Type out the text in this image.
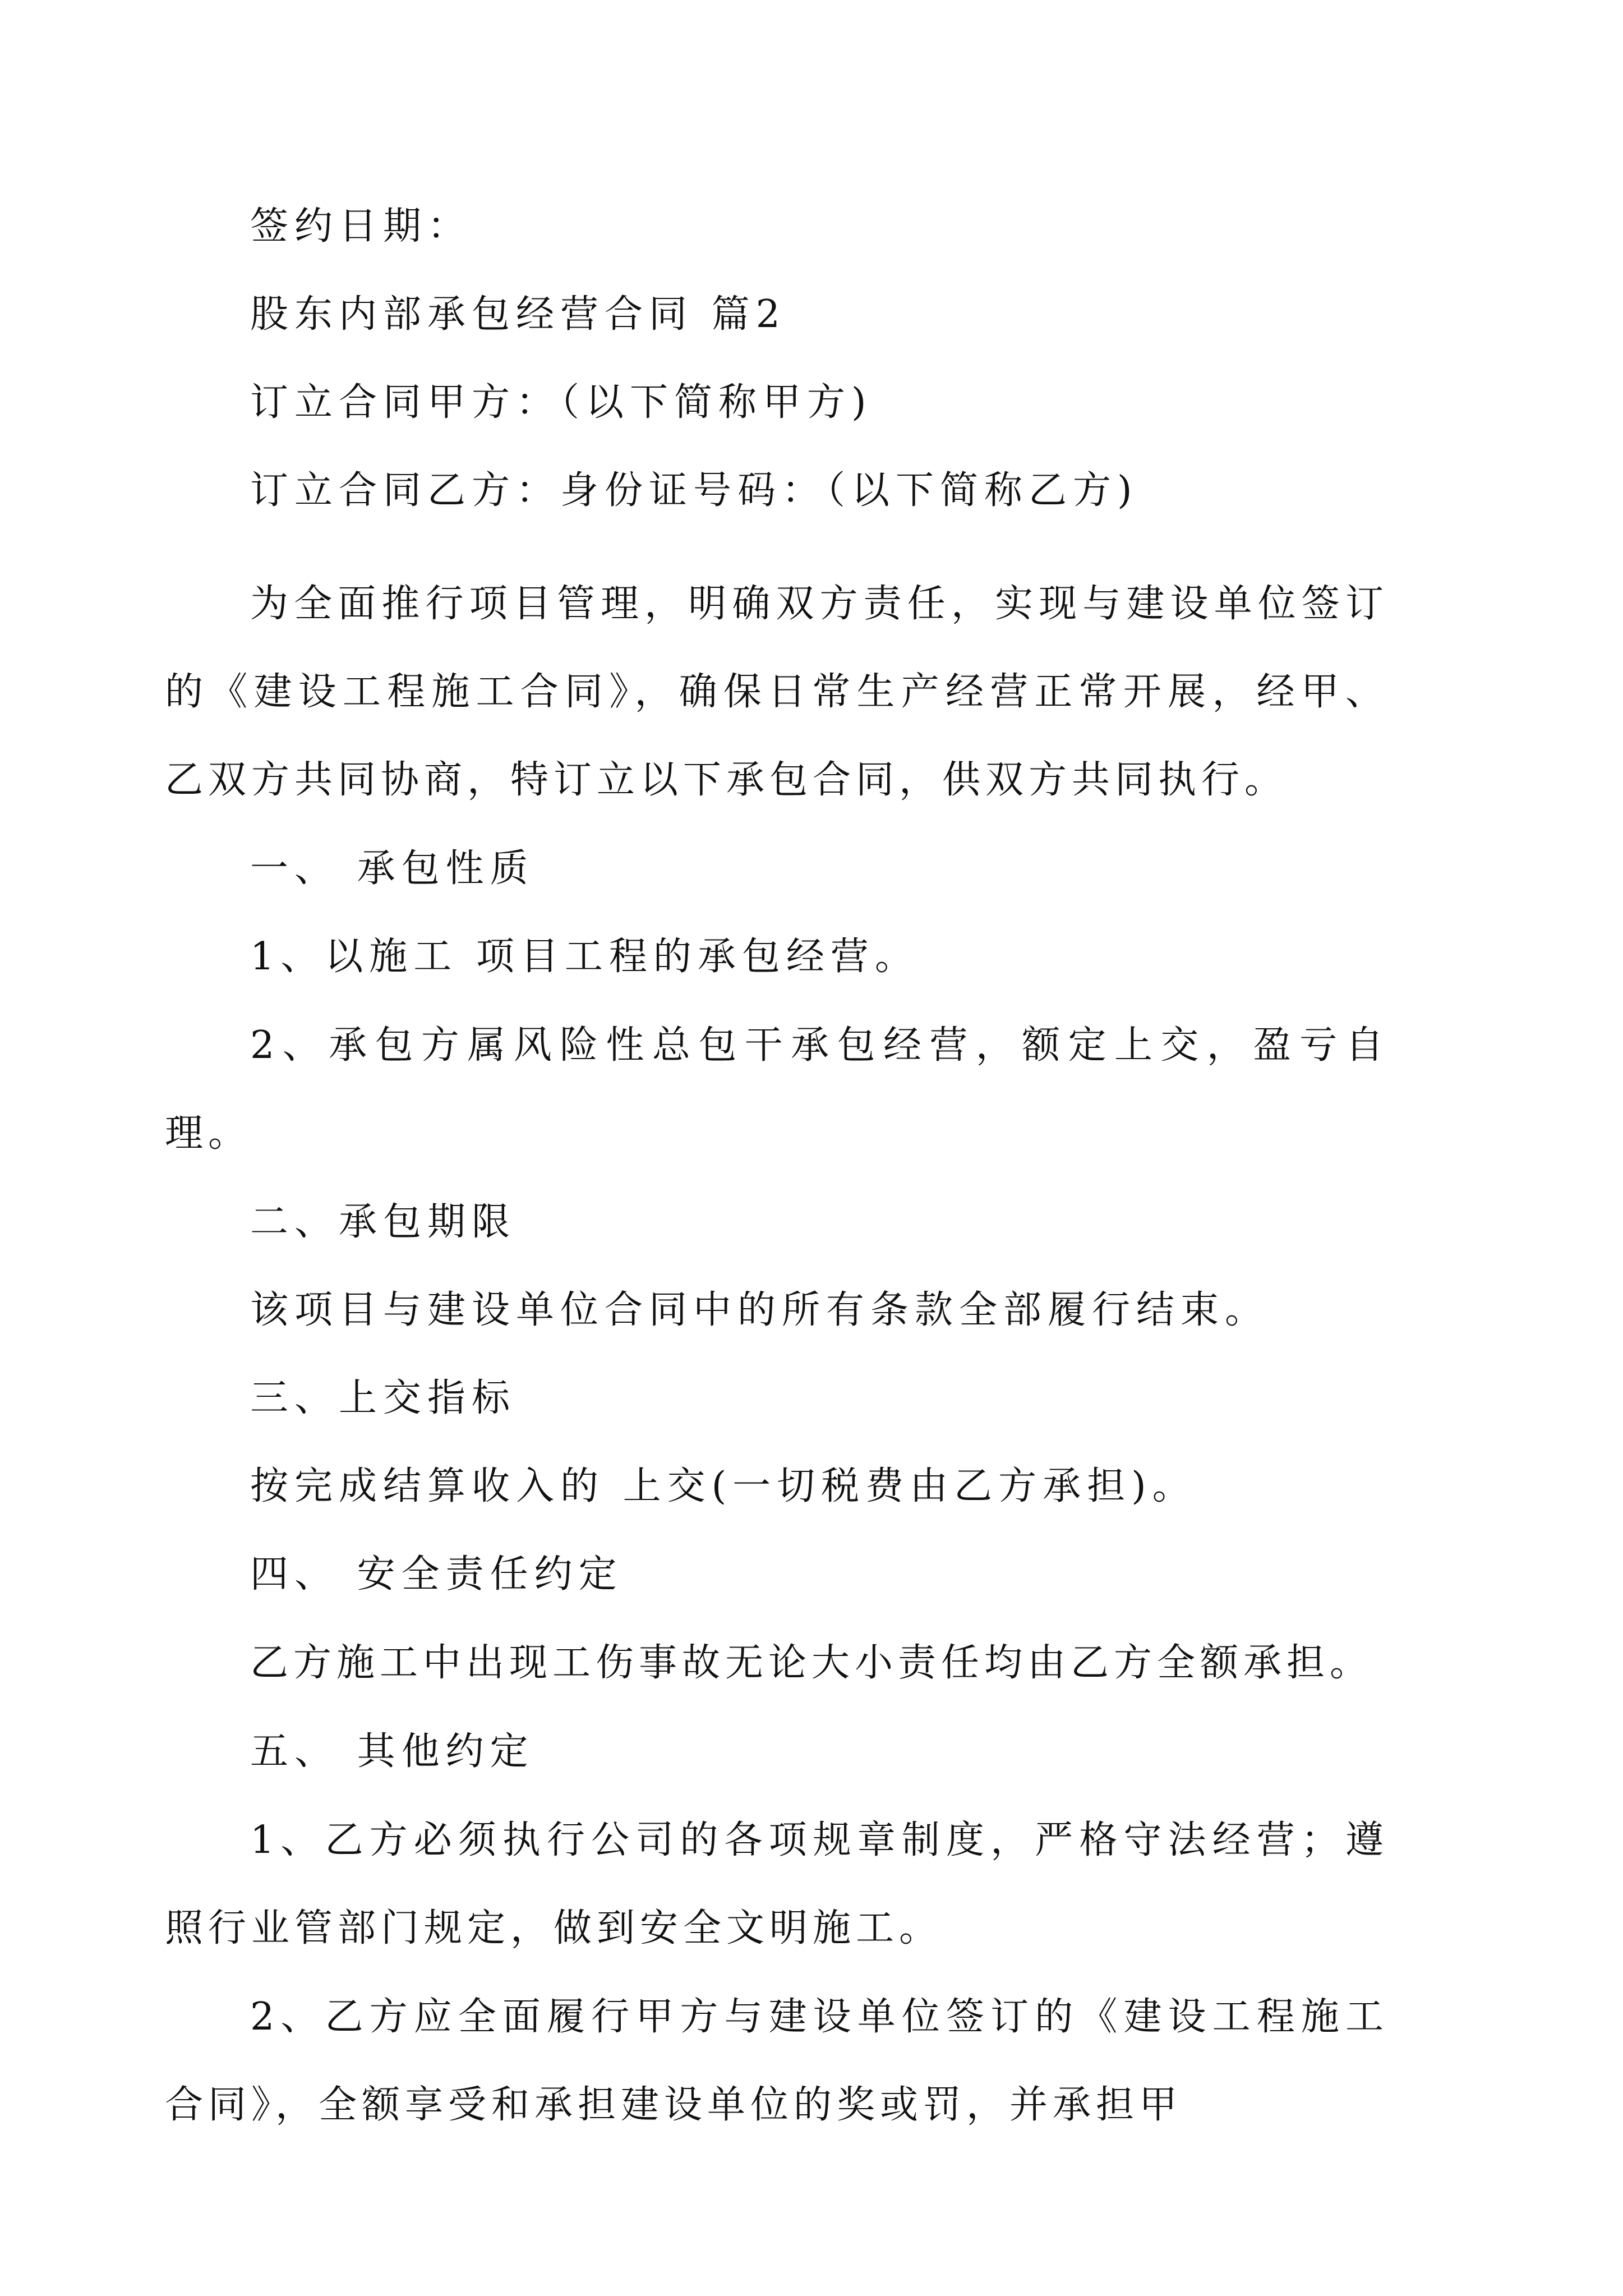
签约日期：
股东内部承包经营合同 篇2
订立合同甲方：（以下简称甲方)
订立合同乙方：身份证号码：（以下简称乙方)

为全面推行项目管理，明确双方责任，实现与建设单位签订的《建设工程施工合同》，确保日常生产经营正常开展，经甲、乙双方共同协商，特订立以下承包合同，供双方共同执行。

一、 承包性质
1、以施工 项目工程的承包经营。

2、承包方属风险性总包干承包经营，额定上交，盈亏自理。

二、承包期限
该项目与建设单位合同中的所有条款全部履行结束。
三、上交指标
按完成结算收入的 上交(一切税费由乙方承担)。
四、 安全责任约定

乙方施工中出现工伤事故无论大小责任均由乙方全额承担。

五、 其他约定

1、乙方必须执行公司的各项规章制度，严格守法经营；遵照行业管部门规定，做到安全文明施工。

2、乙方应全面履行甲方与建设单位签订的《建设工程施工合同》，全额享受和承担建设单位的奖或罚，并承担甲
